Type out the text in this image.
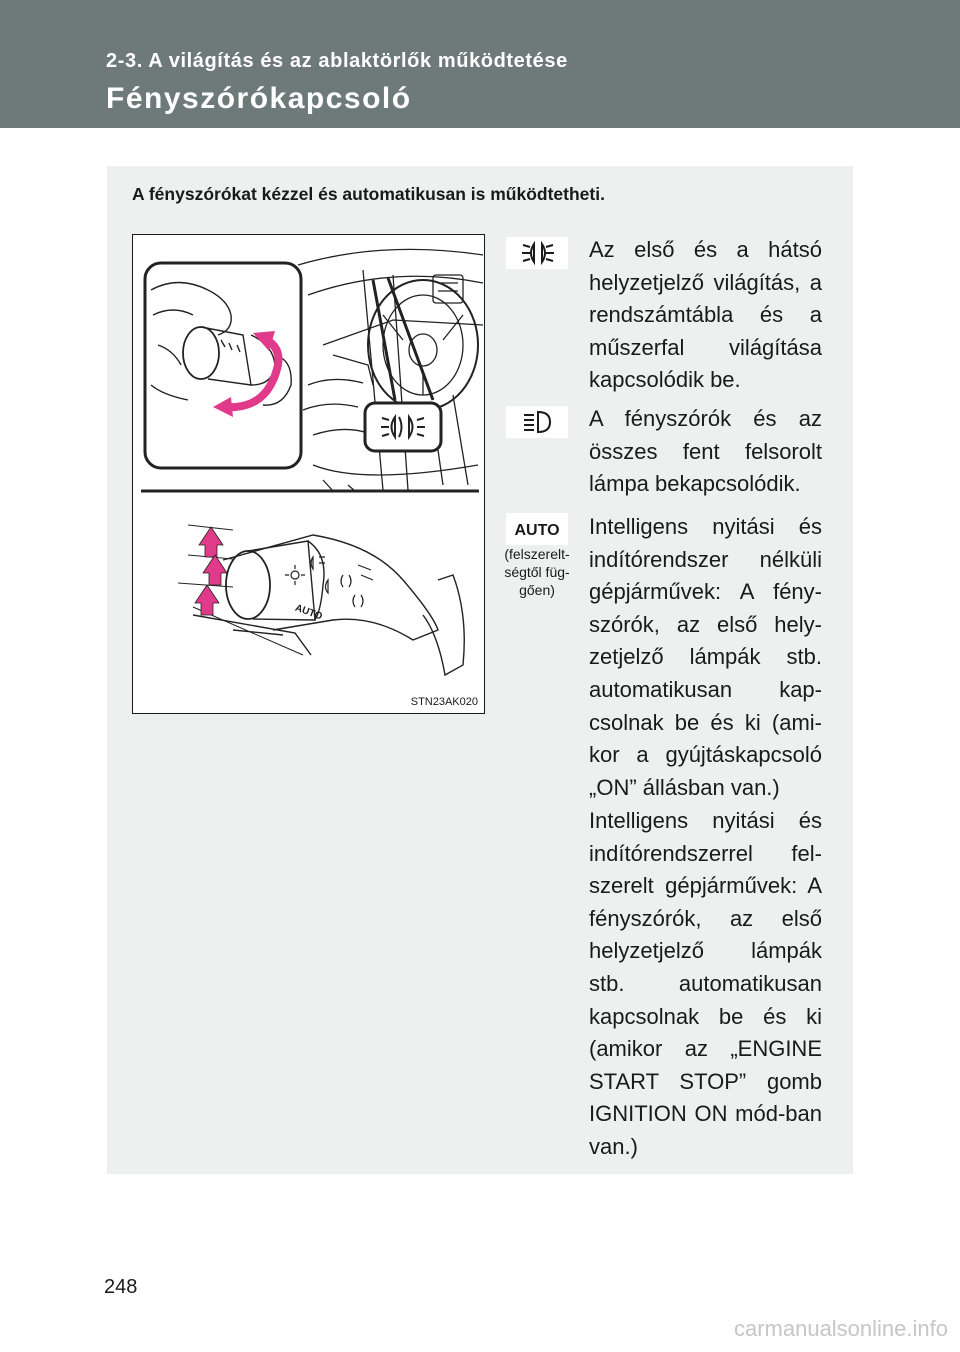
2-3. A világítás és az ablaktörlők működtetése
Fényszórókapcsoló
A fényszórókat kézzel és automatikusan is működtetheti.
AUTO
STN23AK020
Az első és a hátsó helyzetjelző világítás, a rendszámtábla és a műszerfal világítása kapcsolódik be.
A fényszórók és az összes fent felsorolt lámpa bekapcsolódik.
AUTO
(felszerelt-ségtől füg-gően)
Intelligens nyitási és indítórendszer nélküli gépjárművek: A fény-szórók, az első hely-zetjelző lámpák stb. automatikusan kap-csolnak be és ki (ami-kor a gyújtáskapcsoló „ON” állásban van.)
Intelligens nyitási és indítórendszerrel fel-szerelt gépjárművek: A fényszórók, az első helyzetjelző lámpák stb. automatikusan kapcsolnak be és ki (amikor az „ENGINE START STOP” gomb IGNITION ON mód-ban van.)
248
carmanualsonline.info
